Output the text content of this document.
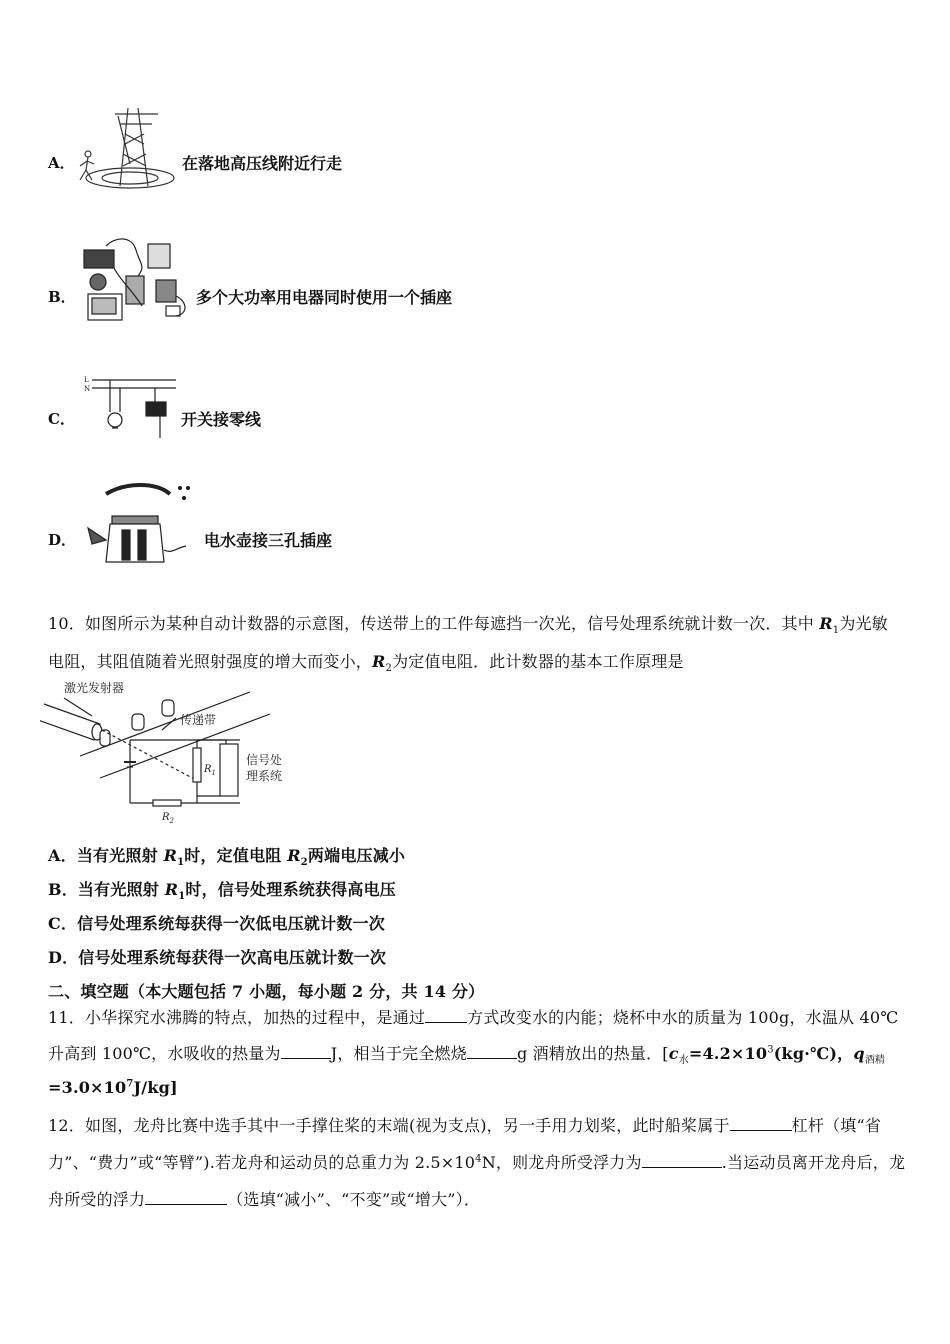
A．	在落地高压线附近行走
B．	多个大功率用电器同时使用一个插座
C．
L
N
开关接零线
D．	电水壶接三孔插座
10．如图所示为某种自动计数器的示意图，传送带上的工件每遮挡一次光，信号处理系统就计数一次．其中 $R_1$为光敏
电阻，其阻值随着光照射强度的增大而变小，$R_2$为定值电阻．此计数器的基本工作原理是
激光发射器
传递带
$R_1$
$R_2$
信号处
理系统
A．当有光照射 $R_1$时，定值电阻 $R_2$两端电压减小
B．当有光照射 $R_1$时，信号处理系统获得高电压
C．信号处理系统每获得一次低电压就计数一次
D．信号处理系统每获得一次高电压就计数一次
二、填空题（本大题包括 7 小题，每小题 2 分，共 14 分）
11．小华探究水沸腾的特点，加热的过程中，是通过	方式改变水的内能；烧杯中水的质量为 100g，水温从 40℃
升高到 100℃，水吸收的热量为	J，相当于完全燃烧	g 酒精放出的热量．[$c_水=4.2\times 10^3(kg\cdot℃)$，$q_{酒精}$
$=3.0\times 10^7J/kg$]
12．如图，龙舟比赛中选手其中一手撑住桨的末端(视为支点)，另一手用力划桨，此时船桨属于	杠杆（填“省
力”、“费力”或“等臂”).若龙舟和运动员的总重力为 $2.5\times 10^4N$，则龙舟所受浮力为	.当运动员离开龙舟后，龙
舟所受的浮力	（选填“减小”、“不变”或“增大”）．
